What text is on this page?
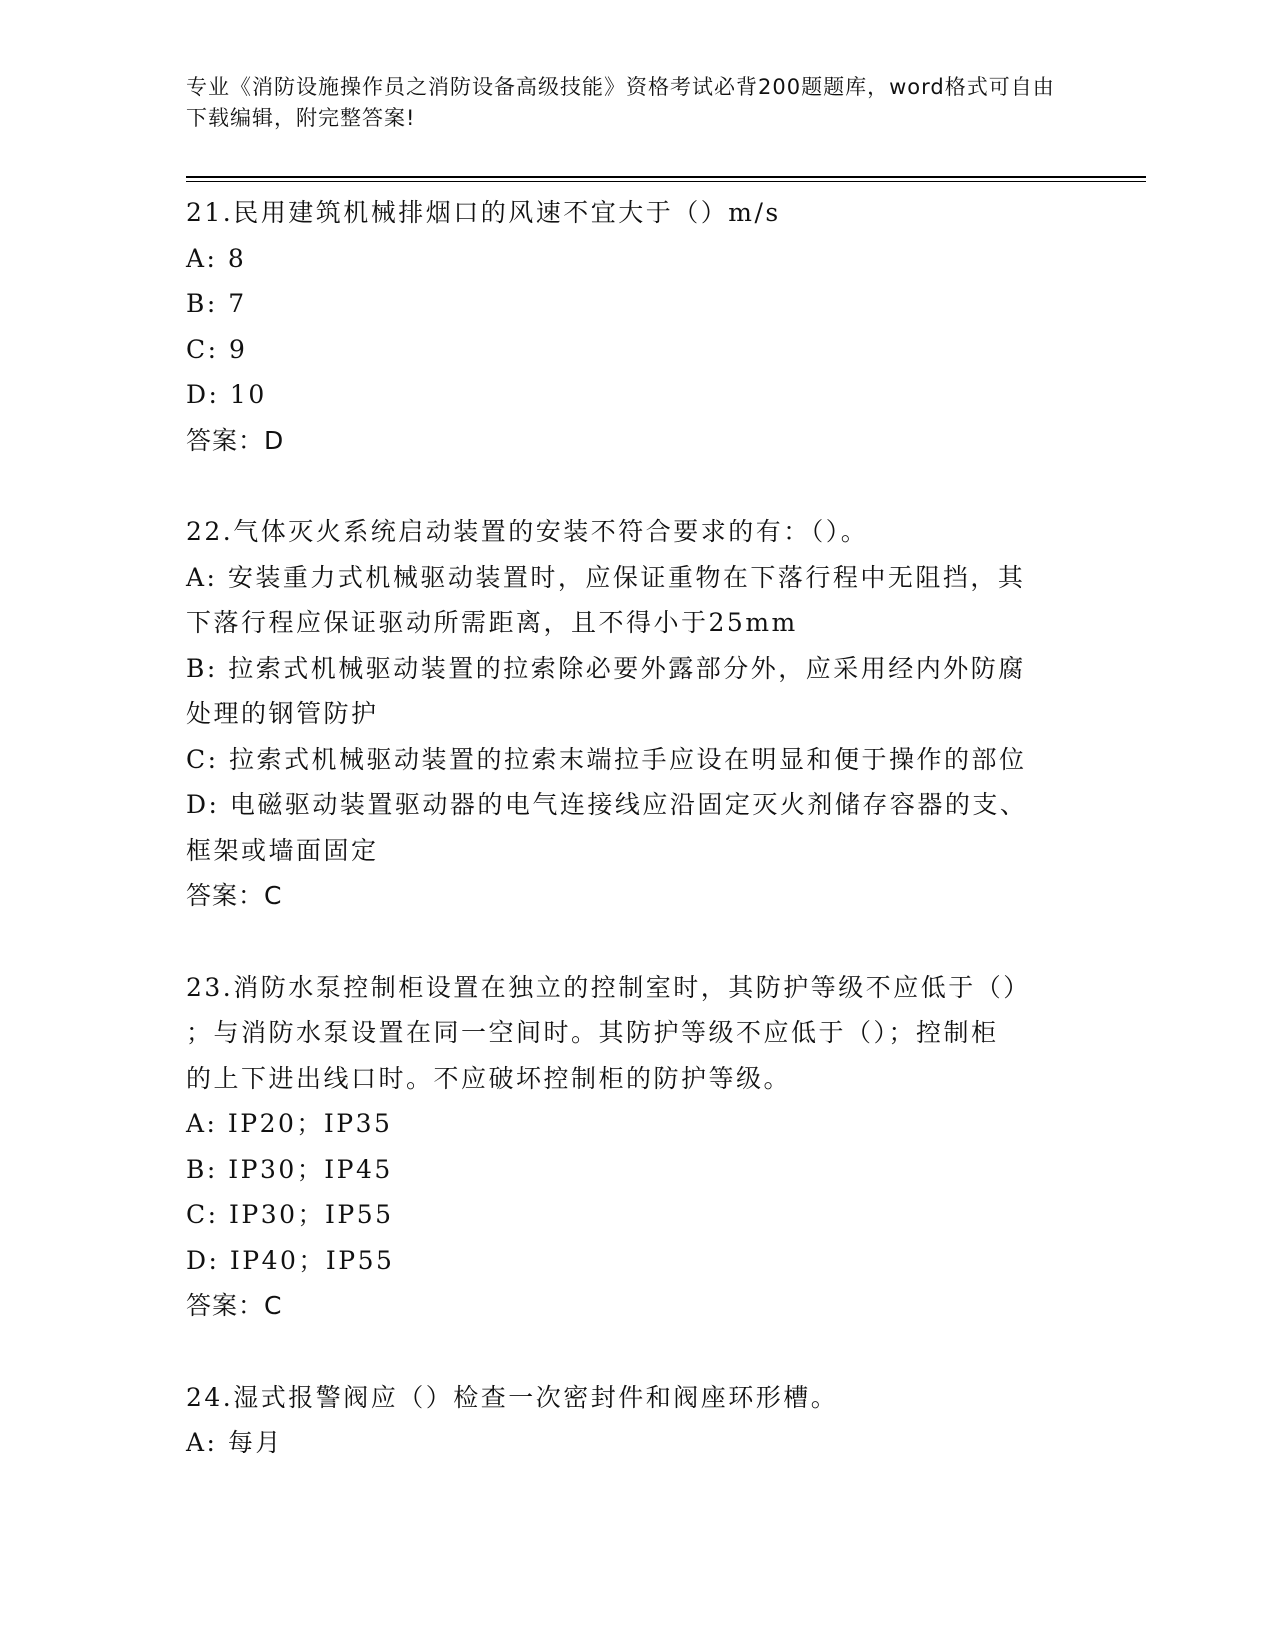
专业《消防设施操作员之消防设备高级技能》资格考试必背200题题库，word格式可自由下载编辑，附完整答案!

21.民用建筑机械排烟口的风速不宜大于（）m/s

A: 8

B: 7

C: 9

D: 10

答案：D

22.气体灭火系统启动装置的安装不符合要求的有：（）。

A: 安装重力式机械驱动装置时，应保证重物在下落行程中无阻挡，其

下落行程应保证驱动所需距离，且不得小于25mm

B: 拉索式机械驱动装置的拉索除必要外露部分外，应采用经内外防腐

处理的钢管防护

C: 拉索式机械驱动装置的拉索末端拉手应设在明显和便于操作的部位

D: 电磁驱动装置驱动器的电气连接线应沿固定灭火剂储存容器的支、

框架或墙面固定

答案：C

23.消防水泵控制柜设置在独立的控制室时，其防护等级不应低于（）

；与消防水泵设置在同一空间时。其防护等级不应低于（）；控制柜

的上下进出线口时。不应破坏控制柜的防护等级。

A: IP20；IP35

B: IP30；IP45

C: IP30；IP55

D: IP40；IP55

答案：C

24.湿式报警阀应（）检查一次密封件和阀座环形槽。

A: 每月
